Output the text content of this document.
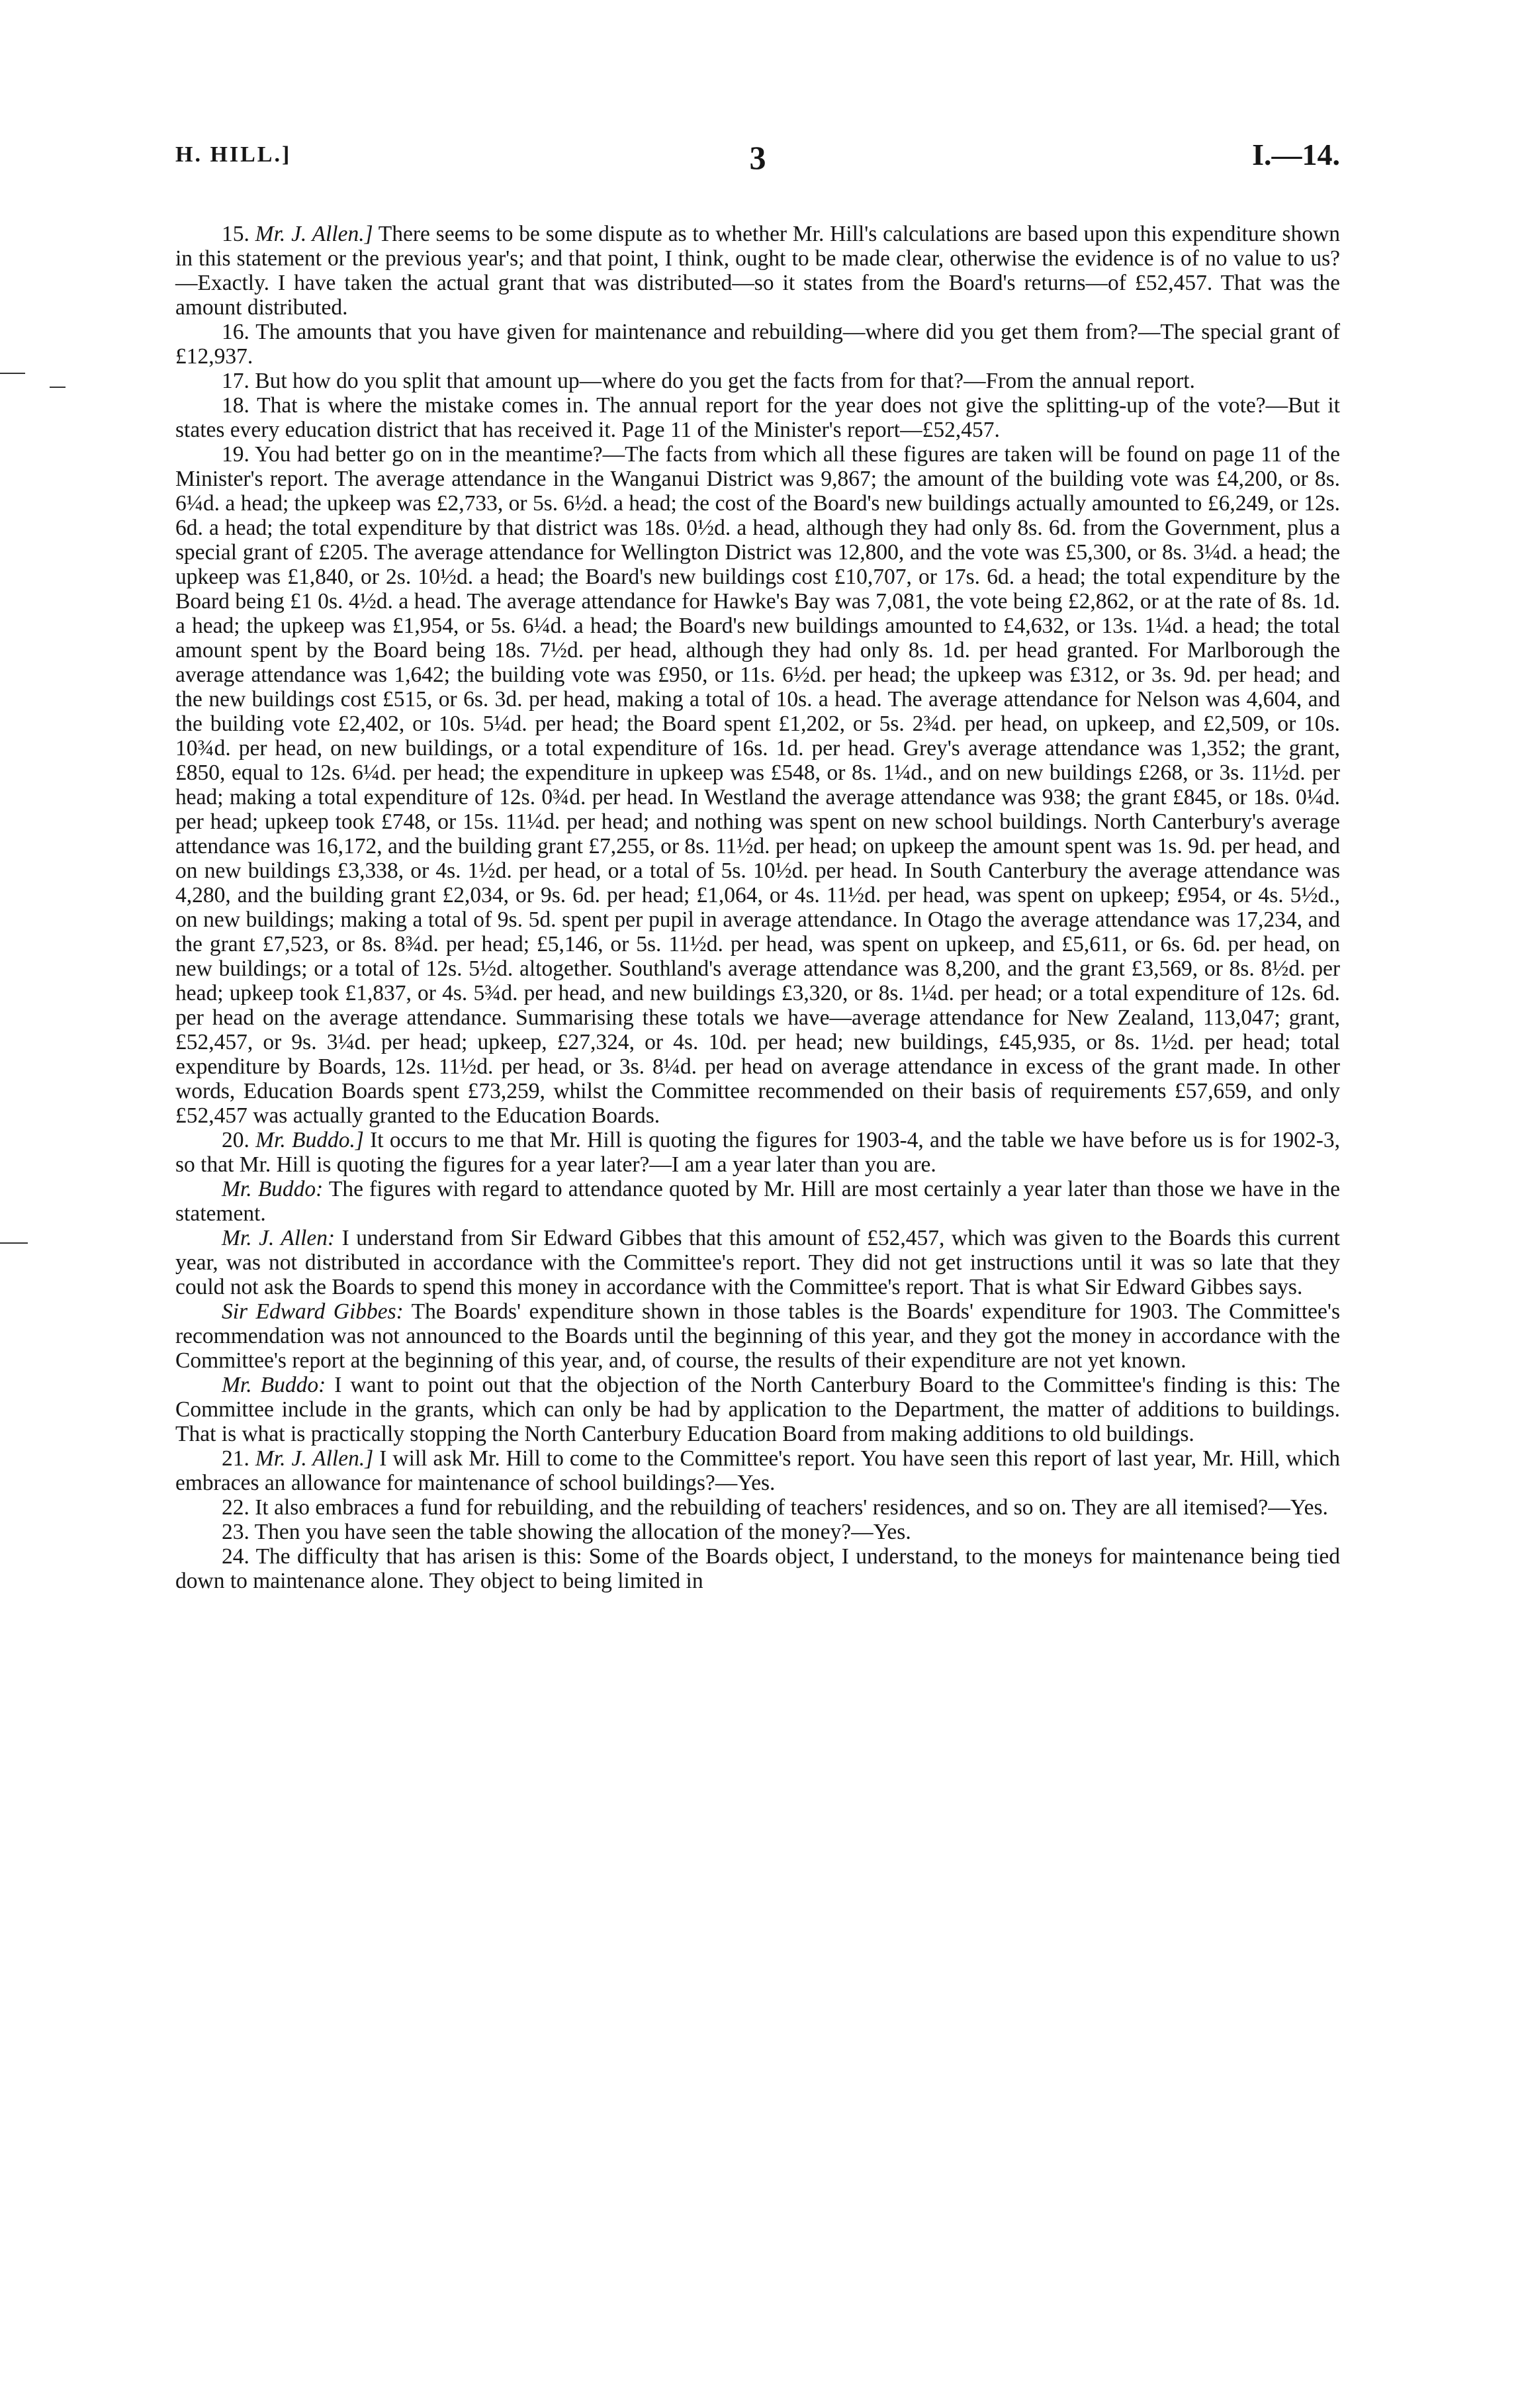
H. HILL.]	3	I.—14.

15. Mr. J. Allen.] There seems to be some dispute as to whether Mr. Hill's calculations are based upon this expenditure shown in this statement or the previous year's; and that point, I think, ought to be made clear, otherwise the evidence is of no value to us?—Exactly. I have taken the actual grant that was distributed—so it states from the Board's returns—of £52,457. That was the amount distributed.

16. The amounts that you have given for maintenance and rebuilding—where did you get them from?—The special grant of £12,937.

17. But how do you split that amount up—where do you get the facts from for that?—From the annual report.

18. That is where the mistake comes in. The annual report for the year does not give the splitting-up of the vote?—But it states every education district that has received it. Page 11 of the Minister's report—£52,457.

19. You had better go on in the meantime?—The facts from which all these figures are taken will be found on page 11 of the Minister's report. The average attendance in the Wanganui District was 9,867; the amount of the building vote was £4,200, or 8s. 6¼d. a head; the upkeep was £2,733, or 5s. 6½d. a head; the cost of the Board's new buildings actually amounted to £6,249, or 12s. 6d. a head; the total expenditure by that district was 18s. 0½d. a head, although they had only 8s. 6d. from the Government, plus a special grant of £205. The average attendance for Wellington District was 12,800, and the vote was £5,300, or 8s. 3¼d. a head; the upkeep was £1,840, or 2s. 10½d. a head; the Board's new buildings cost £10,707, or 17s. 6d. a head; the total expenditure by the Board being £1 0s. 4½d. a head. The average attendance for Hawke's Bay was 7,081, the vote being £2,862, or at the rate of 8s. 1d. a head; the upkeep was £1,954, or 5s. 6¼d. a head; the Board's new buildings amounted to £4,632, or 13s. 1¼d. a head; the total amount spent by the Board being 18s. 7½d. per head, although they had only 8s. 1d. per head granted. For Marlborough the average attendance was 1,642; the building vote was £950, or 11s. 6½d. per head; the upkeep was £312, or 3s. 9d. per head; and the new buildings cost £515, or 6s. 3d. per head, making a total of 10s. a head. The average attendance for Nelson was 4,604, and the building vote £2,402, or 10s. 5¼d. per head; the Board spent £1,202, or 5s. 2¾d. per head, on upkeep, and £2,509, or 10s. 10¾d. per head, on new buildings, or a total expenditure of 16s. 1d. per head. Grey's average attendance was 1,352; the grant, £850, equal to 12s. 6¼d. per head; the expenditure in upkeep was £548, or 8s. 1¼d., and on new buildings £268, or 3s. 11½d. per head; making a total expenditure of 12s. 0¾d. per head. In Westland the average attendance was 938; the grant £845, or 18s. 0¼d. per head; upkeep took £748, or 15s. 11¼d. per head; and nothing was spent on new school buildings. North Canterbury's average attendance was 16,172, and the building grant £7,255, or 8s. 11½d. per head; on upkeep the amount spent was 1s. 9d. per head, and on new buildings £3,338, or 4s. 1½d. per head, or a total of 5s. 10½d. per head. In South Canterbury the average attendance was 4,280, and the building grant £2,034, or 9s. 6d. per head; £1,064, or 4s. 11½d. per head, was spent on upkeep; £954, or 4s. 5½d., on new buildings; making a total of 9s. 5d. spent per pupil in average attendance. In Otago the average attendance was 17,234, and the grant £7,523, or 8s. 8¾d. per head; £5,146, or 5s. 11½d. per head, was spent on upkeep, and £5,611, or 6s. 6d. per head, on new buildings; or a total of 12s. 5½d. altogether. Southland's average attendance was 8,200, and the grant £3,569, or 8s. 8½d. per head; upkeep took £1,837, or 4s. 5¾d. per head, and new buildings £3,320, or 8s. 1¼d. per head; or a total expenditure of 12s. 6d. per head on the average attendance. Summarising these totals we have—average attendance for New Zealand, 113,047; grant, £52,457, or 9s. 3¼d. per head; upkeep, £27,324, or 4s. 10d. per head; new buildings, £45,935, or 8s. 1½d. per head; total expenditure by Boards, 12s. 11½d. per head, or 3s. 8¼d. per head on average attendance in excess of the grant made. In other words, Education Boards spent £73,259, whilst the Committee recommended on their basis of requirements £57,659, and only £52,457 was actually granted to the Education Boards.

20. Mr. Buddo.] It occurs to me that Mr. Hill is quoting the figures for 1903-4, and the table we have before us is for 1902-3, so that Mr. Hill is quoting the figures for a year later?—I am a year later than you are.

Mr. Buddo: The figures with regard to attendance quoted by Mr. Hill are most certainly a year later than those we have in the statement.

Mr. J. Allen: I understand from Sir Edward Gibbes that this amount of £52,457, which was given to the Boards this current year, was not distributed in accordance with the Committee's report. They did not get instructions until it was so late that they could not ask the Boards to spend this money in accordance with the Committee's report. That is what Sir Edward Gibbes says.

Sir Edward Gibbes: The Boards' expenditure shown in those tables is the Boards' expenditure for 1903. The Committee's recommendation was not announced to the Boards until the beginning of this year, and they got the money in accordance with the Committee's report at the beginning of this year, and, of course, the results of their expenditure are not yet known.

Mr. Buddo: I want to point out that the objection of the North Canterbury Board to the Committee's finding is this: The Committee include in the grants, which can only be had by application to the Department, the matter of additions to buildings. That is what is practically stopping the North Canterbury Education Board from making additions to old buildings.

21. Mr. J. Allen.] I will ask Mr. Hill to come to the Committee's report. You have seen this report of last year, Mr. Hill, which embraces an allowance for maintenance of school buildings?—Yes.

22. It also embraces a fund for rebuilding, and the rebuilding of teachers' residences, and so on. They are all itemised?—Yes.

23. Then you have seen the table showing the allocation of the money?—Yes.

24. The difficulty that has arisen is this: Some of the Boards object, I understand, to the moneys for maintenance being tied down to maintenance alone. They object to being limited in
